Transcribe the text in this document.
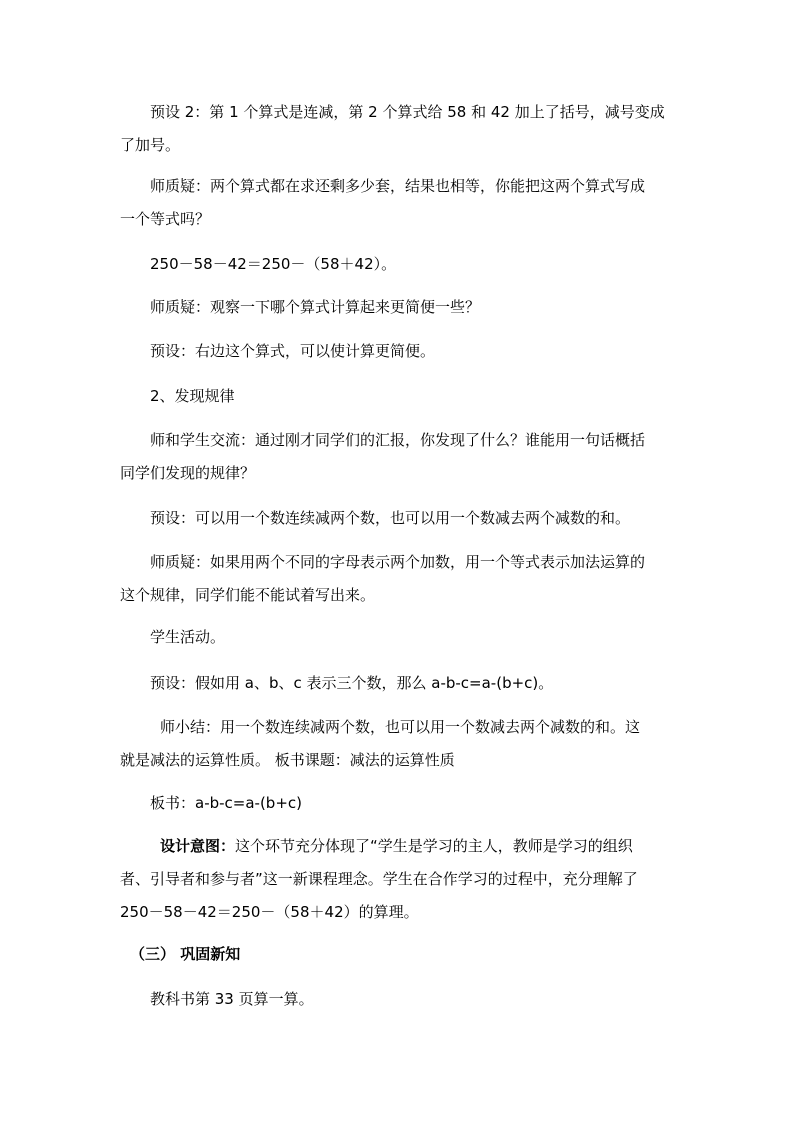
预设 2：第 1 个算式是连减，第 2 个算式给 58 和 42 加上了括号，减号变成
了加号。
师质疑：两个算式都在求还剩多少套，结果也相等，你能把这两个算式写成
一个等式吗？
250－58－42＝250－（58＋42）。
师质疑：观察一下哪个算式计算起来更简便一些？
预设：右边这个算式，可以使计算更简便。
2、发现规律
师和学生交流：通过刚才同学们的汇报，你发现了什么？谁能用一句话概括
同学们发现的规律？
预设：可以用一个数连续减两个数，也可以用一个数减去两个减数的和。
师质疑：如果用两个不同的字母表示两个加数，用一个等式表示加法运算的
这个规律，同学们能不能试着写出来。
学生活动。
预设：假如用 a、b、c 表示三个数，那么 a-b-c=a-(b+c)。
师小结：用一个数连续减两个数，也可以用一个数减去两个减数的和。这
就是减法的运算性质。 板书课题：减法的运算性质
板书：a-b-c=a-(b+c)
设计意图：这个环节充分体现了“学生是学习的主人，教师是学习的组织
者、引导者和参与者”这一新课程理念。学生在合作学习的过程中，充分理解了
250－58－42＝250－（58＋42）的算理。
（三） 巩固新知
教科书第 33 页算一算。
